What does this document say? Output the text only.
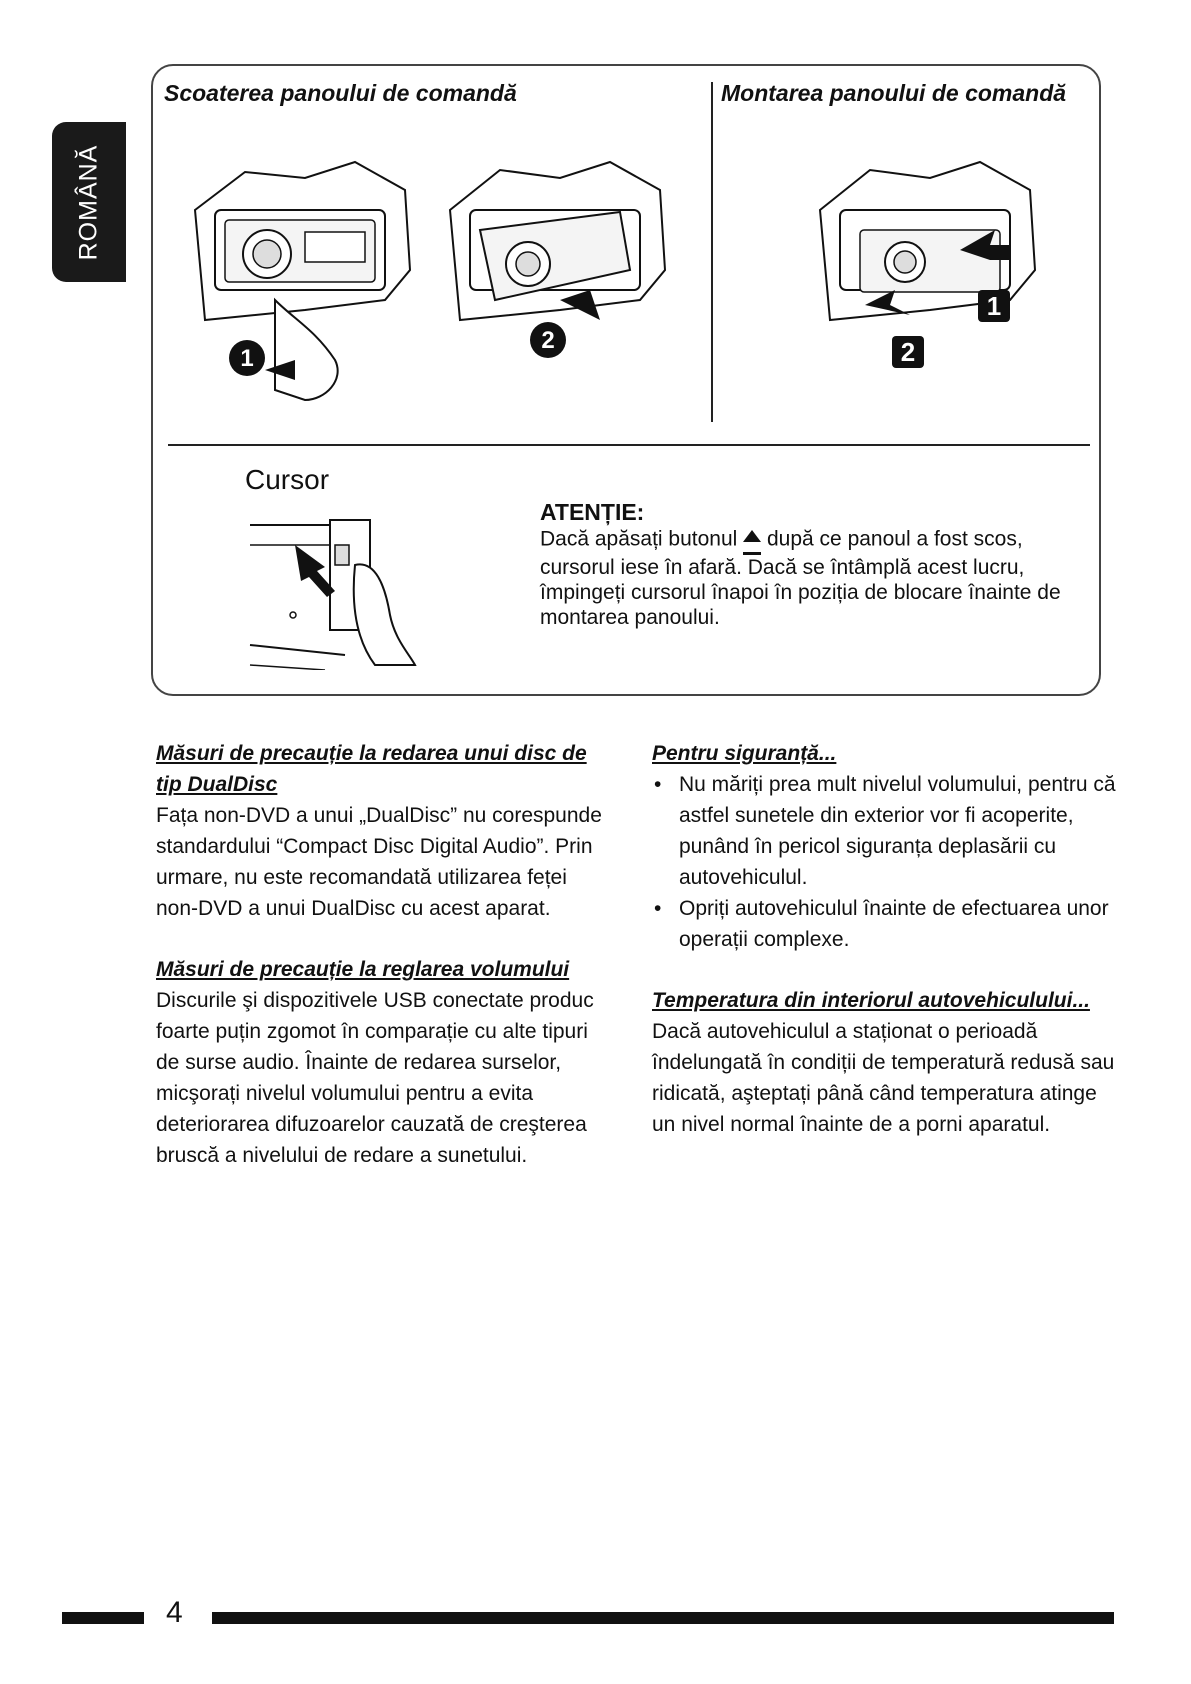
ROMÂNĂ
Scoaterea panoului de comandă	Montarea panoului de comandă
1
2
1
2
Cursor
ATENȚIE:
Dacă apăsați butonul după ce panoul a fost scos, cursorul iese în afară. Dacă se întâmplă acest lucru, împingeți cursorul înapoi în poziția de blocare înainte de montarea panoului.
Măsuri de precauție la redarea unui disc de tip DualDisc
Fața non-DVD a unui „DualDisc” nu corespunde standardului “Compact Disc Digital Audio”. Prin urmare, nu este recomandată utilizarea feței non-DVD a unui DualDisc cu acest aparat.
Măsuri de precauție la reglarea volumului
Discurile şi dispozitivele USB conectate produc foarte puțin zgomot în comparație cu alte tipuri de surse audio. Înainte de redarea surselor, micşorați nivelul volumului pentru a evita deteriorarea difuzoarelor cauzată de creşterea bruscă a nivelului de redare a sunetului.
Pentru siguranță...
• Nu măriți prea mult nivelul volumului, pentru că astfel sunetele din exterior vor fi acoperite, punând în pericol siguranța deplasării cu autovehiculul.
• Opriți autovehiculul înainte de efectuarea unor operații complexe.
Temperatura din interiorul autovehiculului...
Dacă autovehiculul a staționat o perioadă îndelungată în condiții de temperatură redusă sau ridicată, aşteptați până când temperatura atinge un nivel normal înainte de a porni aparatul.
4
